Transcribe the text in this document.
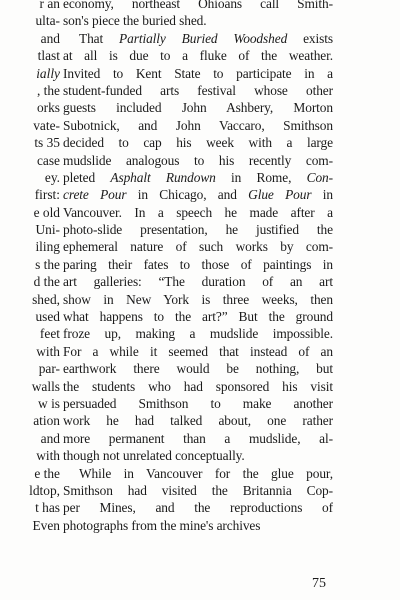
r an
ulta-
and
tlast
ially
, the
orks
vate-
ts 35
case
ey.
first:
e old
Uni-
iling
s the
d the
shed,
used
feet
with
par-
walls
w is
ation
and
with
e the
ldtop,
t has
Even
economy, northeast Ohioans call Smith-
son's piece the buried shed.
That Partially Buried Woodshed exists
at all is due to a fluke of the weather.
Invited to Kent State to participate in a
student-funded arts festival whose other
guests included John Ashbery, Morton
Subotnick, and John Vaccaro, Smithson
decided to cap his week with a large
mudslide analogous to his recently com-
pleted Asphalt Rundown in Rome, Con-
crete Pour in Chicago, and Glue Pour in
Vancouver. In a speech he made after a
photo-slide presentation, he justified the
ephemeral nature of such works by com-
paring their fates to those of paintings in
art galleries: “The duration of an art
show in New York is three weeks, then
what happens to the art?” But the ground
froze up, making a mudslide impossible.
For a while it seemed that instead of an
earthwork there would be nothing, but
the students who had sponsored his visit
persuaded Smithson to make another
work he had talked about, one rather
more permanent than a mudslide, al-
though not unrelated conceptually.
While in Vancouver for the glue pour,
Smithson had visited the Britannia Cop-
per Mines, and the reproductions of
photographs from the mine's archives
75
